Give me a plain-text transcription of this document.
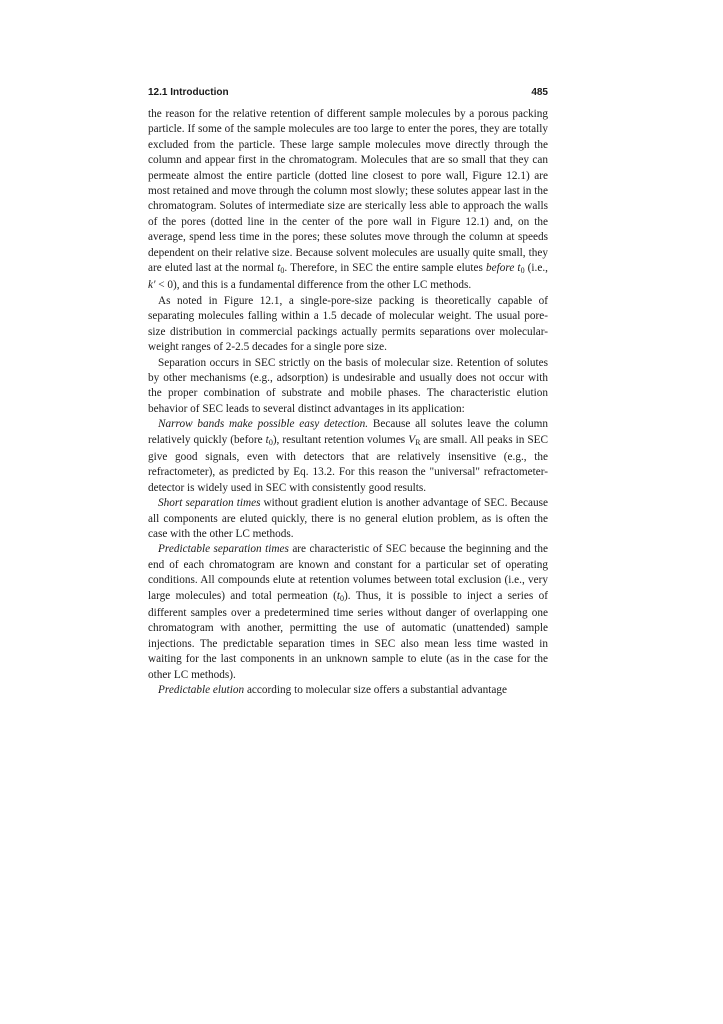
12.1 Introduction	485

the reason for the relative retention of different sample molecules by a porous packing particle. If some of the sample molecules are too large to enter the pores, they are totally excluded from the particle. These large sample molecules move directly through the column and appear first in the chromatogram. Molecules that are so small that they can permeate almost the entire particle (dotted line closest to pore wall, Figure 12.1) are most retained and move through the column most slowly; these solutes appear last in the chromatogram. Solutes of intermediate size are sterically less able to approach the walls of the pores (dotted line in the center of the pore wall in Figure 12.1) and, on the average, spend less time in the pores; these solutes move through the column at speeds dependent on their relative size. Because solvent molecules are usually quite small, they are eluted last at the normal $t_0$. Therefore, in SEC the entire sample elutes before $t_0$ (i.e., k' < 0), and this is a fundamental difference from the other LC methods.

As noted in Figure 12.1, a single-pore-size packing is theoretically capable of separating molecules falling within a 1.5 decade of molecular weight. The usual pore-size distribution in commercial packings actually permits separations over molecular-weight ranges of 2-2.5 decades for a single pore size.

Separation occurs in SEC strictly on the basis of molecular size. Retention of solutes by other mechanisms (e.g., adsorption) is undesirable and usually does not occur with the proper combination of substrate and mobile phases. The characteristic elution behavior of SEC leads to several distinct advantages in its application:

Narrow bands make possible easy detection. Because all solutes leave the column relatively quickly (before $t_0$), resultant retention volumes $V_R$ are small. All peaks in SEC give good signals, even with detectors that are relatively insensitive (e.g., the refractometer), as predicted by Eq. 13.2. For this reason the "universal" refractometer-detector is widely used in SEC with consistently good results.

Short separation times without gradient elution is another advantage of SEC. Because all components are eluted quickly, there is no general elution problem, as is often the case with the other LC methods.

Predictable separation times are characteristic of SEC because the beginning and the end of each chromatogram are known and constant for a particular set of operating conditions. All compounds elute at retention volumes between total exclusion (i.e., very large molecules) and total permeation $(t_0)$. Thus, it is possible to inject a series of different samples over a predetermined time series without danger of overlapping one chromatogram with another, permitting the use of automatic (unattended) sample injections. The predictable separation times in SEC also mean less time wasted in waiting for the last components in an unknown sample to elute (as in the case for the other LC methods).

Predictable elution according to molecular size offers a substantial advantage
